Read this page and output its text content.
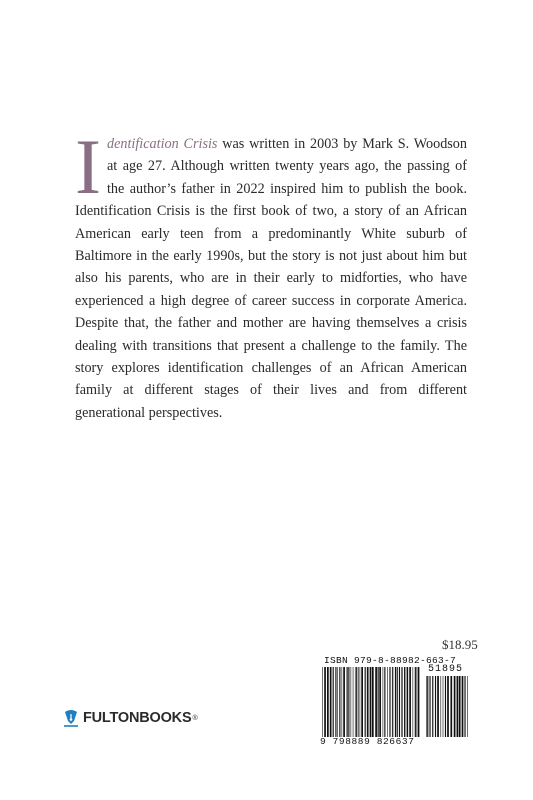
Identification Crisis was written in 2003 by Mark S. Woodson at age 27. Although written twenty years ago, the passing of the author’s father in 2022 inspired him to publish the book. Identification Crisis is the first book of two, a story of an African American early teen from a predominantly White suburb of Baltimore in the early 1990s, but the story is not just about him but also his parents, who are in their early to midforties, who have experienced a high degree of career success in corporate America. Despite that, the father and mother are having themselves a crisis dealing with transitions that present a challenge to the family. The story explores identification challenges of an African American family at different stages of their lives and from different generational perspectives.
$18.95
ISBN 979-8-88982-663-7
51895
9 798889 826637
FULTONBOOKS ®
